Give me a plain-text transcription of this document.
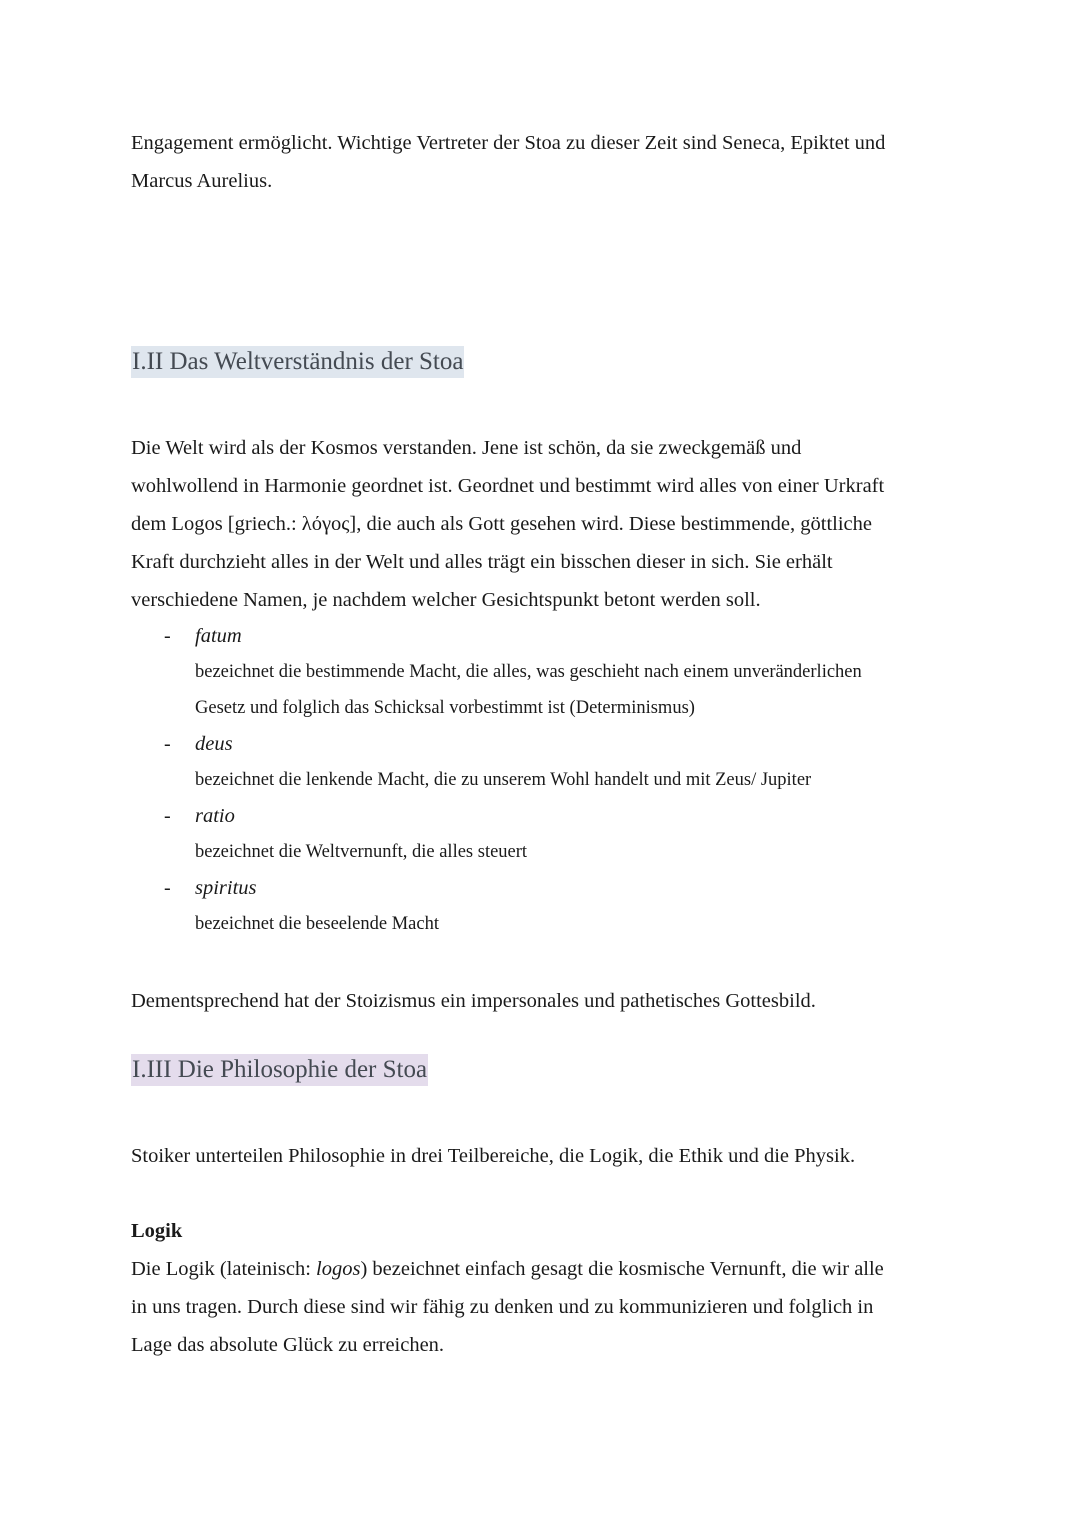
Engagement ermöglicht. Wichtige Vertreter der Stoa zu dieser Zeit sind Seneca, Epiktet und

Marcus Aurelius.

I.II Das Weltverständnis der Stoa

Die Welt wird als der Kosmos verstanden. Jene ist schön, da sie zweckgemäß und

wohlwollend in Harmonie geordnet ist. Geordnet und bestimmt wird alles von einer Urkraft

dem Logos [griech.: λόγος], die auch als Gott gesehen wird. Diese bestimmende, göttliche

Kraft durchzieht alles in der Welt und alles trägt ein bisschen dieser in sich. Sie erhält

verschiedene Namen, je nachdem welcher Gesichtspunkt betont werden soll.

- fatum
bezeichnet die bestimmende Macht, die alles, was geschieht nach einem unveränderlichen
Gesetz und folglich das Schicksal vorbestimmt ist (Determinismus)
- deus
bezeichnet die lenkende Macht, die zu unserem Wohl handelt und mit Zeus/ Jupiter
- ratio
bezeichnet die Weltvernunft, die alles steuert
- spiritus
bezeichnet die beseelende Macht

Dementsprechend hat der Stoizismus ein impersonales und pathetisches Gottesbild.

I.III Die Philosophie der Stoa

Stoiker unterteilen Philosophie in drei Teilbereiche, die Logik, die Ethik und die Physik.

Logik

Die Logik (lateinisch: logos) bezeichnet einfach gesagt die kosmische Vernunft, die wir alle

in uns tragen. Durch diese sind wir fähig zu denken und zu kommunizieren und folglich in

Lage das absolute Glück zu erreichen.
